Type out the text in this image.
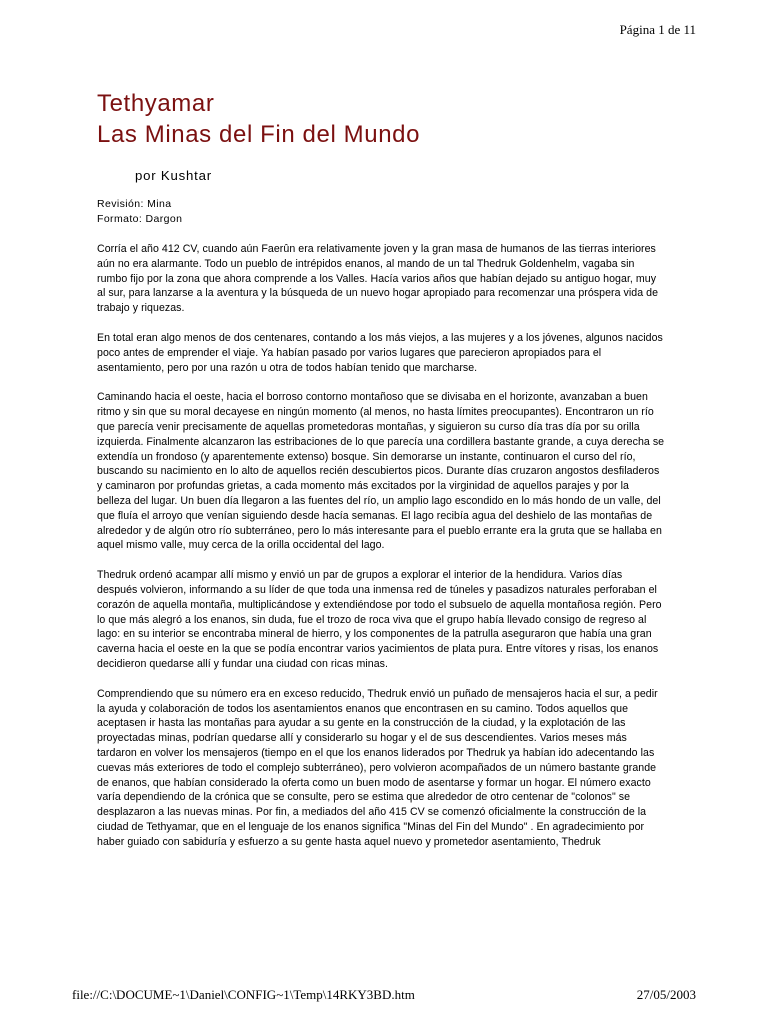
Página 1 de 11
Tethyamar
Las Minas del Fin del Mundo
por Kushtar
Revisión: Mina
Formato: Dargon

Corría el año 412 CV, cuando aún Faerûn era relativamente joven y la gran masa de humanos de las tierras interiores aún no era alarmante. Todo un pueblo de intrépidos enanos, al mando de un tal Thedruk Goldenhelm, vagaba sin rumbo fijo por la zona que ahora comprende a los Valles. Hacía varios años que habían dejado su antiguo hogar, muy al sur, para lanzarse a la aventura y la búsqueda de un nuevo hogar apropiado para recomenzar una próspera vida de trabajo y riquezas.

En total eran algo menos de dos centenares, contando a los más viejos, a las mujeres y a los jóvenes, algunos nacidos poco antes de emprender el viaje. Ya habían pasado por varios lugares que parecieron apropiados para el asentamiento, pero por una razón u otra de todos habían tenido que marcharse.

Caminando hacia el oeste, hacia el borroso contorno montañoso que se divisaba en el horizonte, avanzaban a buen ritmo y sin que su moral decayese en ningún momento (al menos, no hasta límites preocupantes). Encontraron un río que parecía venir precisamente de aquellas prometedoras montañas, y siguieron su curso día tras día por su orilla izquierda. Finalmente alcanzaron las estribaciones de lo que parecía una cordillera bastante grande, a cuya derecha se extendía un frondoso (y aparentemente extenso) bosque. Sin demorarse un instante, continuaron el curso del río, buscando su nacimiento en lo alto de aquellos recién descubiertos picos. Durante días cruzaron angostos desfiladeros y caminaron por profundas grietas, a cada momento más excitados por la virginidad de aquellos parajes y por la belleza del lugar. Un buen día llegaron a las fuentes del río, un amplio lago escondido en lo más hondo de un valle, del que fluía el arroyo que venían siguiendo desde hacía semanas. El lago recibía agua del deshielo de las montañas de alrededor y de algún otro río subterráneo, pero lo más interesante para el pueblo errante era la gruta que se hallaba en aquel mismo valle, muy cerca de la orilla occidental del lago.

Thedruk ordenó acampar allí mismo y envió un par de grupos a explorar el interior de la hendidura. Varios días después volvieron, informando a su líder de que toda una inmensa red de túneles y pasadizos naturales perforaban el corazón de aquella montaña, multiplicándose y extendiéndose por todo el subsuelo de aquella montañosa región. Pero lo que más alegró a los enanos, sin duda, fue el trozo de roca viva que el grupo había llevado consigo de regreso al lago: en su interior se encontraba mineral de hierro, y los componentes de la patrulla aseguraron que había una gran caverna hacia el oeste en la que se podía encontrar varios yacimientos de plata pura. Entre vítores y risas, los enanos decidieron quedarse allí y fundar una ciudad con ricas minas.

Comprendiendo que su número era en exceso reducido, Thedruk envió un puñado de mensajeros hacia el sur, a pedir la ayuda y colaboración de todos los asentamientos enanos que encontrasen en su camino. Todos aquellos que aceptasen ir hasta las montañas para ayudar a su gente en la construcción de la ciudad, y la explotación de las proyectadas minas, podrían quedarse allí y considerarlo su hogar y el de sus descendientes. Varios meses más tardaron en volver los mensajeros (tiempo en el que los enanos liderados por Thedruk ya habían ido adecentando las cuevas más exteriores de todo el complejo subterráneo), pero volvieron acompañados de un número bastante grande de enanos, que habían considerado la oferta como un buen modo de asentarse y formar un hogar. El número exacto varía dependiendo de la crónica que se consulte, pero se estima que alrededor de otro centenar de "colonos" se desplazaron a las nuevas minas. Por fin, a mediados del año 415 CV se comenzó oficialmente la construcción de la ciudad de Tethyamar, que en el lenguaje de los enanos significa "Minas del Fin del Mundo" . En agradecimiento por haber guiado con sabiduría y esfuerzo a su gente hasta aquel nuevo y prometedor asentamiento, Thedruk

file://C:\DOCUME~1\Daniel\CONFIG~1\Temp\14RKY3BD.htm	27/05/2003
